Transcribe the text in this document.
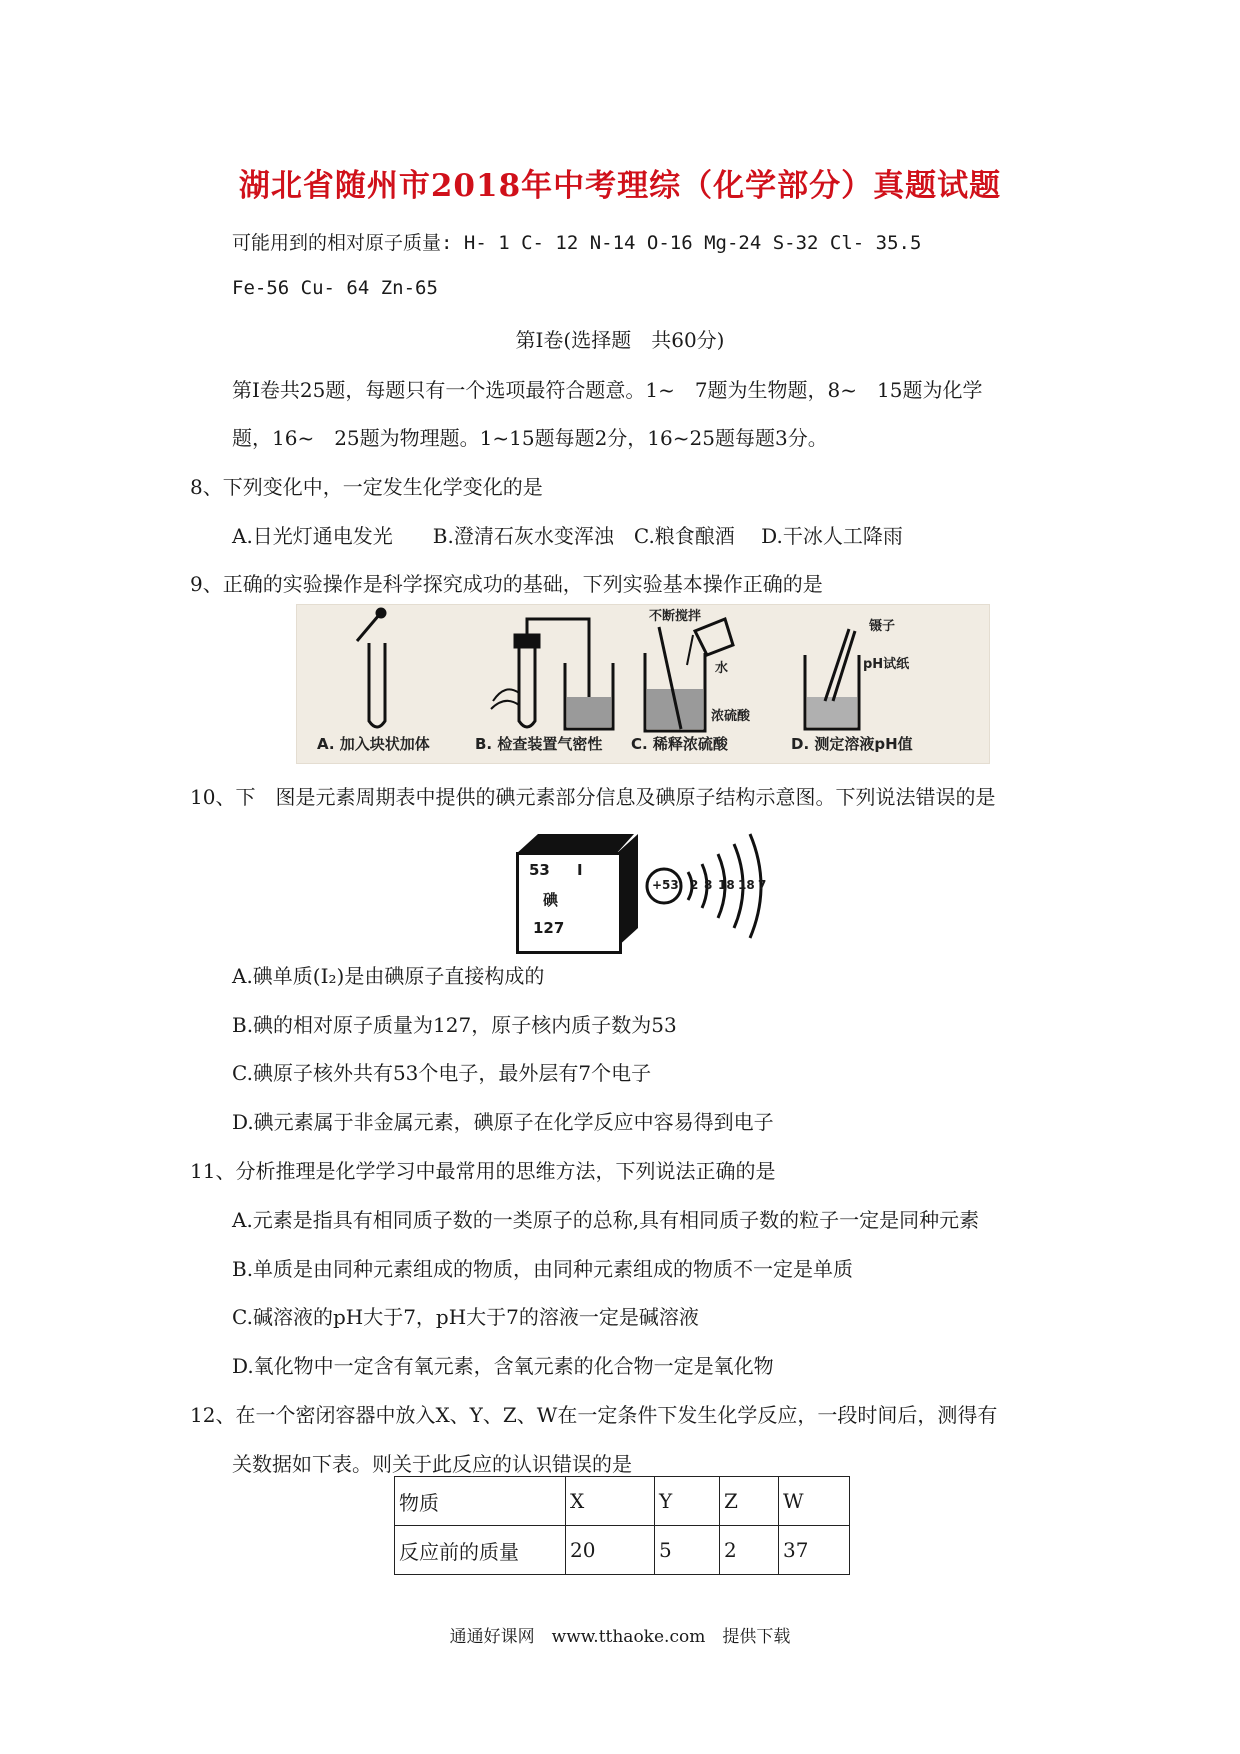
湖北省随州市2018年中考理综（化学部分）真题试题
可能用到的相对原子质量: H- 1 C- 12 N-14 O-16 Mg-24 S-32 Cl- 35.5
Fe-56 Cu- 64 Zn-65
第Ⅰ卷(选择题　共60分)
第Ⅰ卷共25题，每题只有一个选项最符合题意。1~　7题为生物题，8~　15题为化学
题，16~　25题为物理题。1~15题每题2分，16~25题每题3分。
8、下列变化中，一定发生化学变化的是
A.日光灯通电发光　　B.澄清石灰水变浑浊　C.粮食酿酒　 D.干冰人工降雨
9、正确的实验操作是科学探究成功的基础，下列实验基本操作正确的是
不断搅拌
水
浓硫酸
镊子
pH试纸
A. 加入块状加体	B. 检查装置气密性 C. 稀释浓硫酸	D. 测定溶液pH值
10、下　图是元素周期表中提供的碘元素部分信息及碘原子结构示意图。下列说法错误的是
53 I
碘
127
+53 2 8 18 18 7
A.碘单质(I₂)是由碘原子直接构成的
B.碘的相对原子质量为127，原子核内质子数为53
C.碘原子核外共有53个电子，最外层有7个电子
D.碘元素属于非金属元素，碘原子在化学反应中容易得到电子
11、分析推理是化学学习中最常用的思维方法，下列说法正确的是
A.元素是指具有相同质子数的一类原子的总称,具有相同质子数的粒子一定是同种元素
B.单质是由同种元素组成的物质，由同种元素组成的物质不一定是单质
C.碱溶液的pH大于7，pH大于7的溶液一定是碱溶液
D.氧化物中一定含有氧元素，含氧元素的化合物一定是氧化物
12、在一个密闭容器中放入X、Y、Z、W在一定条件下发生化学反应，一段时间后，测得有
关数据如下表。则关于此反应的认识错误的是
物质	X	Y	Z	W
反应前的质量	20	5	2	37
通通好课网　www.tthaoke.com　提供下载
